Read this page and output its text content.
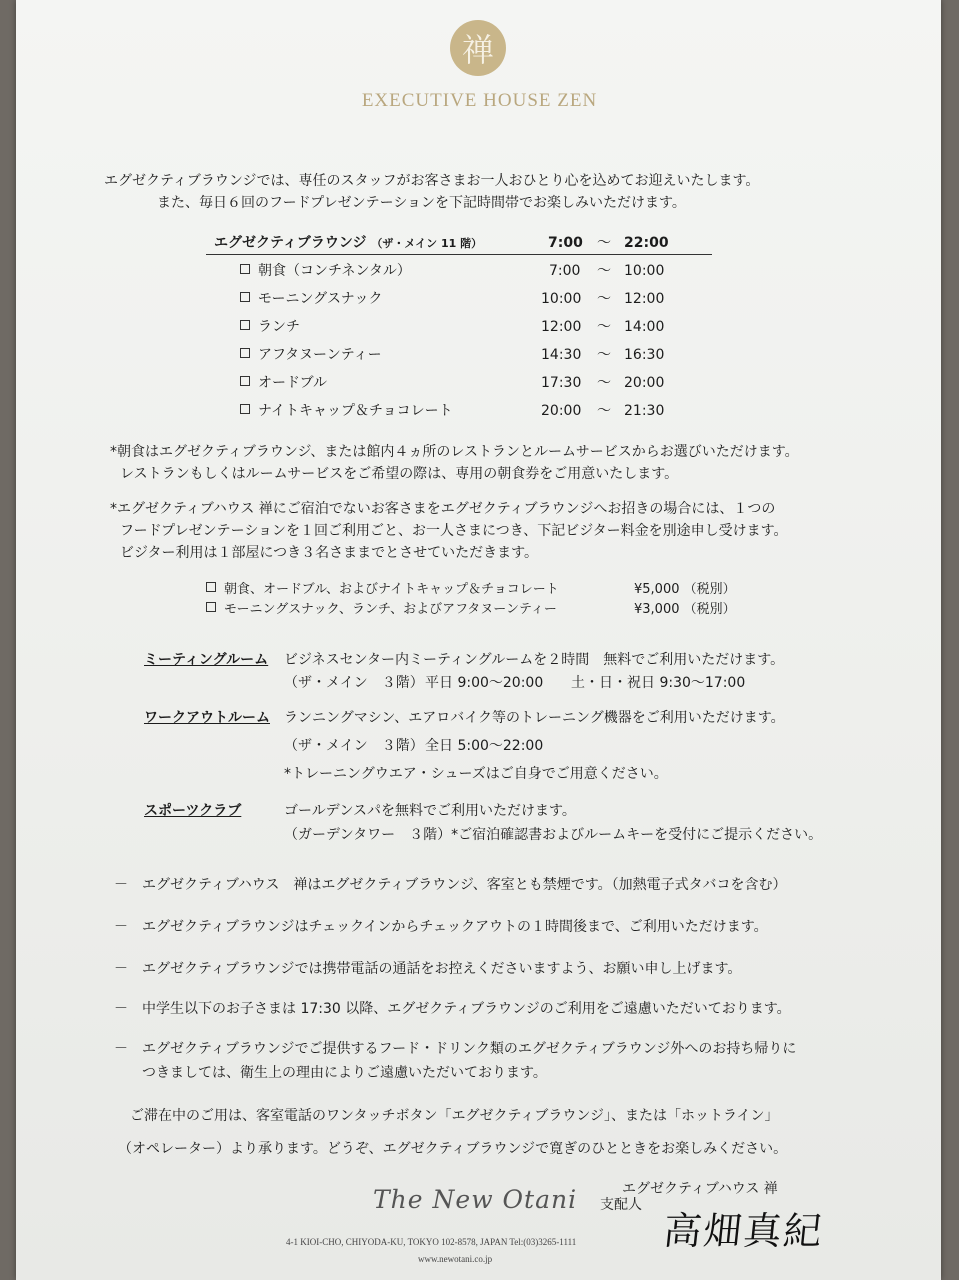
禅
EXECUTIVE HOUSE ZEN
エグゼクティブラウンジでは、専任のスタッフがお客さまお一人おひとり心を込めてお迎えいたします。
また、毎日６回のフードプレゼンテーションを下記時間帯でお楽しみいただけます。
エグゼクティブラウンジ （ザ・メイン 11 階）	7:00 ～ 22:00
朝食（コンチネンタル）	7:00 ～ 10:00
モーニングスナック	10:00 ～ 12:00
ランチ	12:00 ～ 14:00
アフタヌーンティー	14:30 ～ 16:30
オードブル	17:30 ～ 20:00
ナイトキャップ＆チョコレート	20:00 ～ 21:30
*朝食はエグゼクティブラウンジ、または館内４ヵ所のレストランとルームサービスからお選びいただけます。
レストランもしくはルームサービスをご希望の際は、専用の朝食券をご用意いたします。
*エグゼクティブハウス 禅にご宿泊でないお客さまをエグゼクティブラウンジへお招きの場合には、１つの
フードプレゼンテーションを１回ご利用ごと、お一人さまにつき、下記ビジター料金を別途申し受けます。
ビジター利用は１部屋につき３名さままでとさせていただきます。
朝食、オードブル、およびナイトキャップ＆チョコレート	¥5,000 （税別）
モーニングスナック、ランチ、およびアフタヌーンティー	¥3,000 （税別）
ミーティングルーム ビジネスセンター内ミーティングルームを２時間　無料でご利用いただけます。
（ザ・メイン　３階） 平日 9:00～20:00 土・日・祝日 9:30～17:00
ワークアウトルーム ランニングマシン、エアロバイク等のトレーニング機器をご利用いただけます。
（ザ・メイン　３階） 全日 5:00～22:00
*トレーニングウエア・シューズはご自身でご用意ください。
スポーツクラブ	ゴールデンスパを無料でご利用いただけます。
（ガーデンタワー　３階）*ご宿泊確認書およびルームキーを受付にご提示ください。
－　エグゼクティブハウス　禅はエグゼクティブラウンジ、客室とも禁煙です。（加熱電子式タバコを含む）
－　エグゼクティブラウンジはチェックインからチェックアウトの１時間後まで、ご利用いただけます。
－　エグゼクティブラウンジでは携帯電話の通話をお控えくださいますよう、お願い申し上げます。
－　中学生以下のお子さまは 17:30 以降、エグゼクティブラウンジのご利用をご遠慮いただいております。
－　エグゼクティブラウンジでご提供するフード・ドリンク類のエグゼクティブラウンジ外へのお持ち帰りに
つきましては、衛生上の理由によりご遠慮いただいております。
ご滞在中のご用は、客室電話のワンタッチボタン「エグゼクティブラウンジ」、または「ホットライン」
（オペレーター）より承ります。どうぞ、エグゼクティブラウンジで寛ぎのひとときをお楽しみください。
The New Otani
4-1 KIOI-CHO, CHIYODA-KU, TOKYO 102-8578, JAPAN Tel:(03)3265-1111
www.newotani.co.jp
エグゼクティブハウス 禅
支配人
高畑真紀
